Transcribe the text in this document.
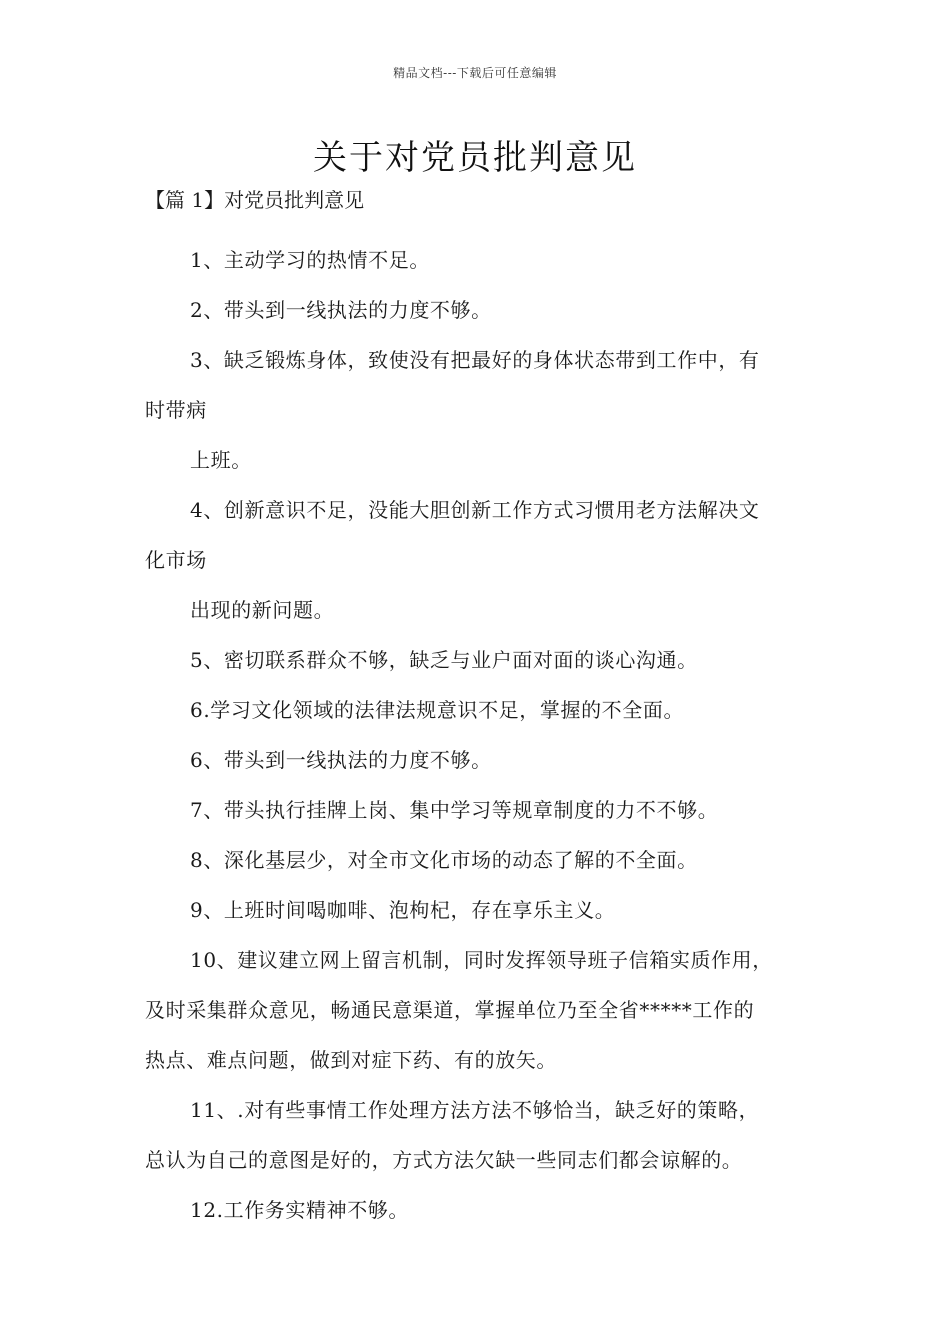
精品文档---下载后可任意编辑
关于对党员批判意见
【篇 1】对党员批判意见

1、主动学习的热情不足。

2、带头到一线执法的力度不够。

3、缺乏锻炼身体，致使没有把最好的身体状态带到工作中，有

时带病

上班。

4、创新意识不足，没能大胆创新工作方式习惯用老方法解决文

化市场

出现的新问题。

5、密切联系群众不够，缺乏与业户面对面的谈心沟通。

6.学习文化领域的法律法规意识不足，掌握的不全面。

6、带头到一线执法的力度不够。

7、带头执行挂牌上岗、集中学习等规章制度的力不不够。

8、深化基层少，对全市文化市场的动态了解的不全面。

9、上班时间喝咖啡、泡枸杞，存在享乐主义。

10、建议建立网上留言机制，同时发挥领导班子信箱实质作用，

及时采集群众意见，畅通民意渠道，掌握单位乃至全省*****工作的

热点、难点问题，做到对症下药、有的放矢。

11、.对有些事情工作处理方法方法不够恰当，缺乏好的策略，

总认为自己的意图是好的，方式方法欠缺一些同志们都会谅解的。

12.工作务实精神不够。
